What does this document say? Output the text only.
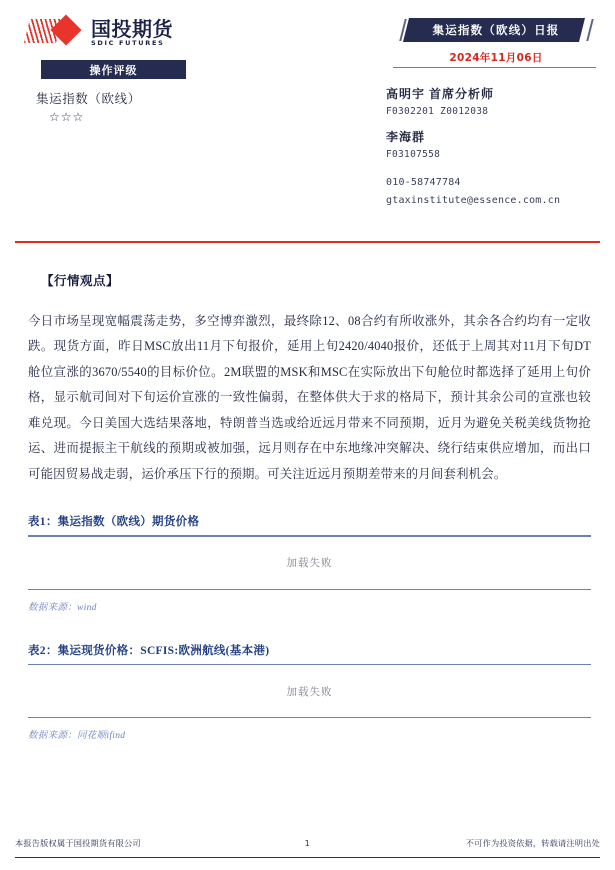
国投期货
SDIC FUTURES
操作评级
集运指数（欧线）
☆☆☆
集运指数（欧线）日报
2024年11月06日
高明宇 首席分析师
F0302201 Z0012038
李海群
F03107558
010-58747784
gtaxinstitute@essence.com.cn
【行情观点】
今日市场呈现宽幅震荡走势，多空博弈激烈，最终除12、08合约有所收涨外，其余各合约均有一定收跌。现货方面，昨日MSC放出11月下旬报价，延用上旬2420/4040报价，还低于上周其对11月下旬DT舱位宣涨的3670/5540的目标价位。2M联盟的MSK和MSC在实际放出下旬舱位时都选择了延用上旬价格，显示航司间对下旬运价宣涨的一致性偏弱，在整体供大于求的格局下，预计其余公司的宣涨也较难兑现。今日美国大选结果落地，特朗普当选或给近远月带来不同预期，近月为避免关税美线货物抢运、进而提振主干航线的预期或被加强，远月则存在中东地缘冲突解决、绕行结束供应增加，而出口可能因贸易战走弱，运价承压下行的预期。可关注近远月预期差带来的月间套利机会。
表1：集运指数（欧线）期货价格
加载失败
数据来源：wind
表2：集运现货价格：SCFIS:欧洲航线(基本港)
加载失败
数据来源：同花顺ifind
本报告版权属于国投期货有限公司	1	不可作为投资依据，转载请注明出处
